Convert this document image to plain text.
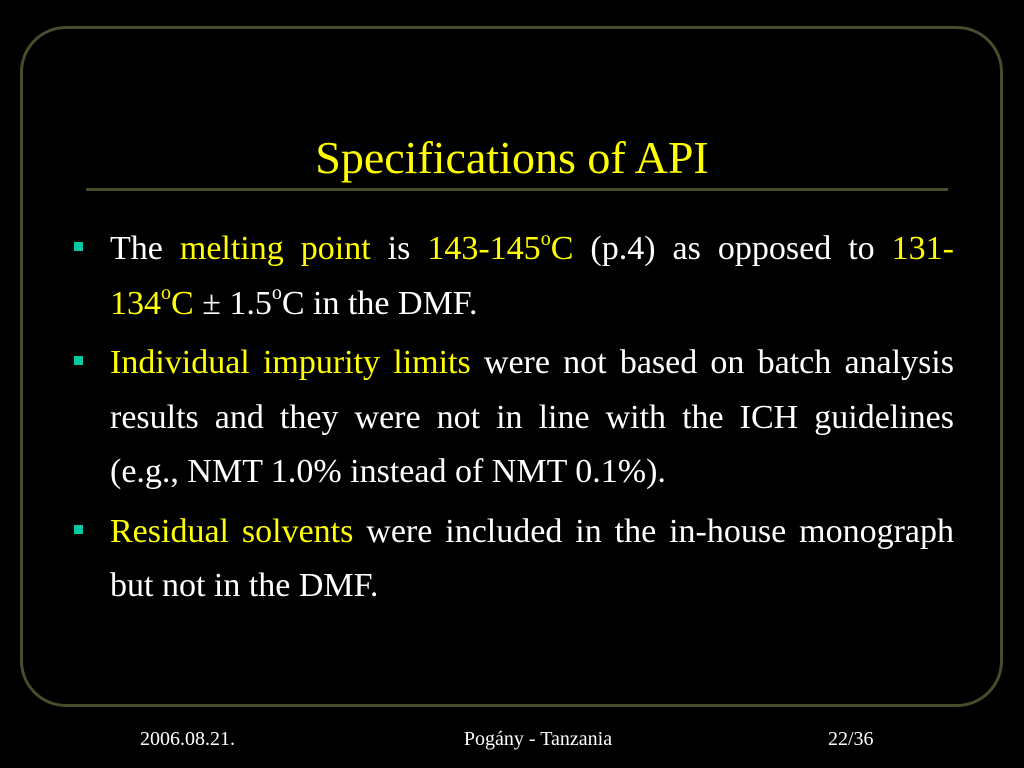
Specifications of API
The melting point is 143-145$^o$C (p.4) as opposed to $131-134^oC \pm 1.5^oC$ in the DMF.
Individual impurity limits were not based on batch analysis results and they were not in line with the ICH guidelines (e.g., NMT 1.0% instead of NMT 0.1%).
Residual solvents were included in the in-house monograph but not in the DMF.
2006.08.21.	Pogány - Tanzania	22/36
